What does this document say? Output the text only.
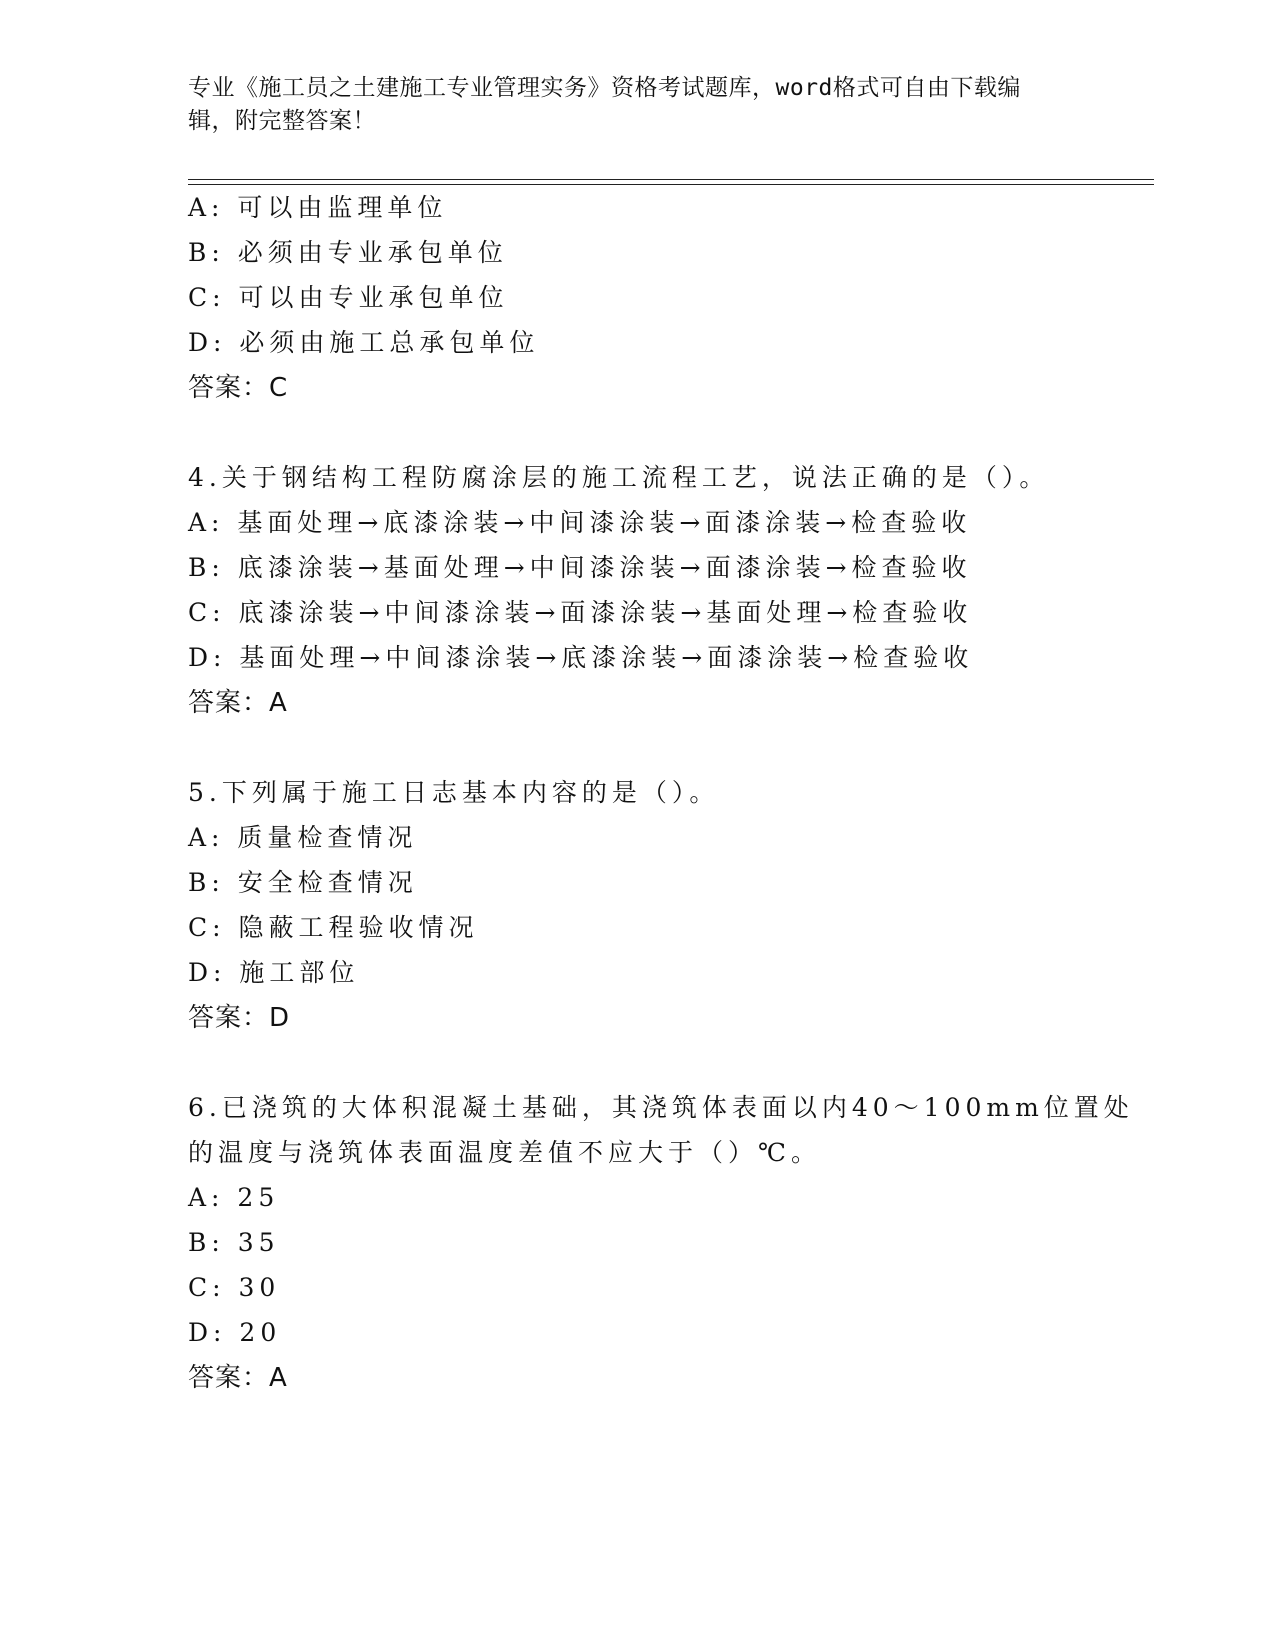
专业《施工员之土建施工专业管理实务》资格考试题库，word格式可自由下载编
辑，附完整答案！
A: 可以由监理单位
B: 必须由专业承包单位
C: 可以由专业承包单位
D: 必须由施工总承包单位
答案：C
4.关于钢结构工程防腐涂层的施工流程工艺，说法正确的是（）。
A: 基面处理→底漆涂装→中间漆涂装→面漆涂装→检查验收
B: 底漆涂装→基面处理→中间漆涂装→面漆涂装→检查验收
C: 底漆涂装→中间漆涂装→面漆涂装→基面处理→检查验收
D: 基面处理→中间漆涂装→底漆涂装→面漆涂装→检查验收
答案：A
5.下列属于施工日志基本内容的是（）。
A: 质量检查情况
B: 安全检查情况
C: 隐蔽工程验收情况
D: 施工部位
答案：D
6.已浇筑的大体积混凝土基础，其浇筑体表面以内40～100mm位置处
的温度与浇筑体表面温度差值不应大于（）℃。
A: 25
B: 35
C: 30
D: 20
答案：A
